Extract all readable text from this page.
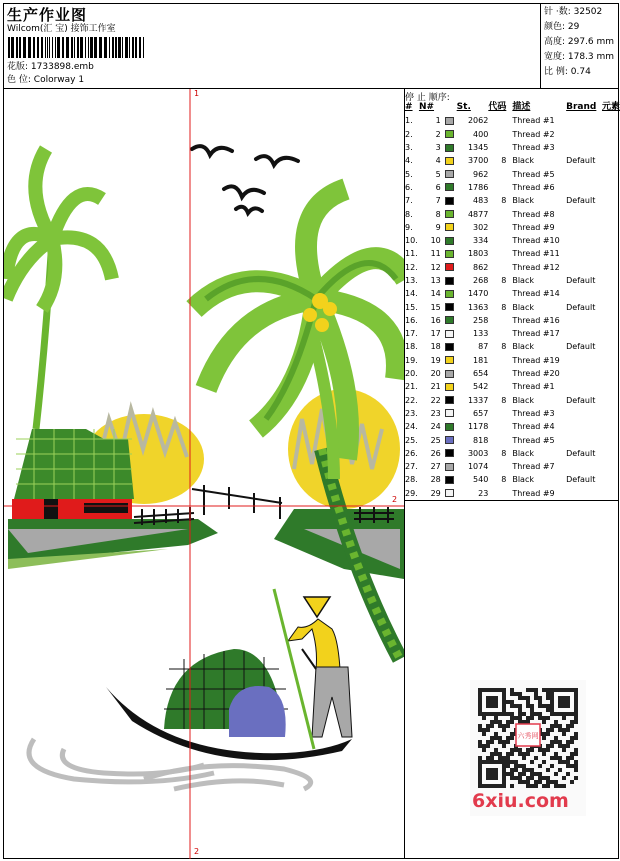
生产作业图
Wilcom(汇 宝) 接饰工作室
花版: 1733898.emb
色 位: Colorway 1
针 ·数: 32502
颜色: 29
高度: 297.6 mm
宽度: 178.3 mm
比 例: 0.74
1
2
2
停 止 顺序:
#	N#		St.	代码	描述	Brand	元素
1.	1		2062		Thread #1		
2.	2		400		Thread #2		
3.	3		1345		Thread #3		
4.	4		3700	8	Black	Default	
5.	5		962		Thread #5		
6.	6		1786		Thread #6		
7.	7		483	8	Black	Default	
8.	8		4877		Thread #8		
9.	9		302		Thread #9		
10.	10		334		Thread #10		
11.	11		1803		Thread #11		
12.	12		862		Thread #12		
13.	13		268	8	Black	Default	
14.	14		1470		Thread #14		
15.	15		1363	8	Black	Default	
16.	16		258		Thread #16		
17.	17		133		Thread #17		
18.	18		87	8	Black	Default	
19.	19		181		Thread #19		
20.	20		654		Thread #20		
21.	21		542		Thread #1		
22.	22		1337	8	Black	Default	
23.	23		657		Thread #3		
24.	24		1178		Thread #4		
25.	25		818		Thread #5		
26.	26		3003	8	Black	Default	
27.	27		1074		Thread #7		
28.	28		540	8	Black	Default	
29.	29		23		Thread #9		
六秀网
6xiu.com
